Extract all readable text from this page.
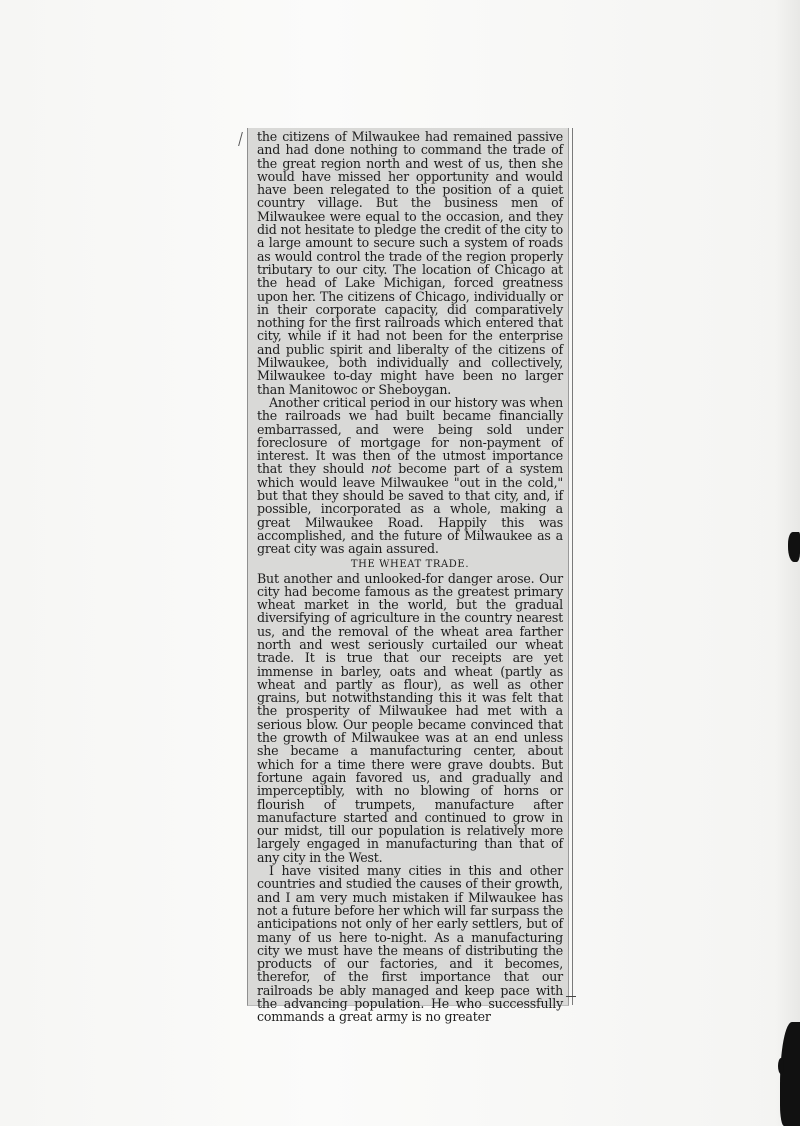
the citizens of Milwaukee had remained passive and had done nothing to command the trade of the great region north and west of us, then she would have missed her opportunity and would have been relegated to the position of a quiet country village. But the business men of Milwaukee were equal to the occasion, and they did not hesitate to pledge the credit of the city to a large amount to secure such a system of roads as would control the trade of the region properly tributary to our city. The location of Chicago at the head of Lake Michigan, forced greatness upon her. The citizens of Chicago, individually or in their corporate capacity, did comparatively nothing for the first railroads which entered that city, while if it had not been for the enterprise and public spirit and liberalty of the citizens of Milwaukee, both individually and collectively, Milwaukee to-day might have been no larger than Manitowoc or Sheboygan.

Another critical period in our history was when the railroads we had built became financially embarrassed, and were being sold under foreclosure of mortgage for non-payment of interest. It was then of the utmost importance that they should not become part of a system which would leave Milwaukee "out in the cold," but that they should be saved to that city, and, if possible, incorporated as a whole, making a great Milwaukee Road. Happily this was accomplished, and the future of Milwaukee as a great city was again assured.

THE WHEAT TRADE.

But another and unlooked-for danger arose. Our city had become famous as the greatest primary wheat market in the world, but the gradual diversifying of agriculture in the country nearest us, and the removal of the wheat area farther north and west seriously curtailed our wheat trade. It is true that our receipts are yet immense in barley, oats and wheat (partly as wheat and partly as flour), as well as other grains, but notwithstanding this it was felt that the prosperity of Milwaukee had met with a serious blow. Our people became convinced that the growth of Milwaukee was at an end unless she became a manufacturing center, about which for a time there were grave doubts. But fortune again favored us, and gradually and imperceptibly, with no blowing of horns or flourish of trumpets, manufacture after manufacture started and continued to grow in our midst, till our population is relatively more largely engaged in manufacturing than that of any city in the West.

I have visited many cities in this and other countries and studied the causes of their growth, and I am very much mistaken if Milwaukee has not a future before her which will far surpass the anticipations not only of her early settlers, but of many of us here to-night. As a manufacturing city we must have the means of distributing the products of our factories, and it becomes, therefor, of the first importance that our railroads be ably managed and keep pace with the advancing population. He who successfully commands a great army is no greater
